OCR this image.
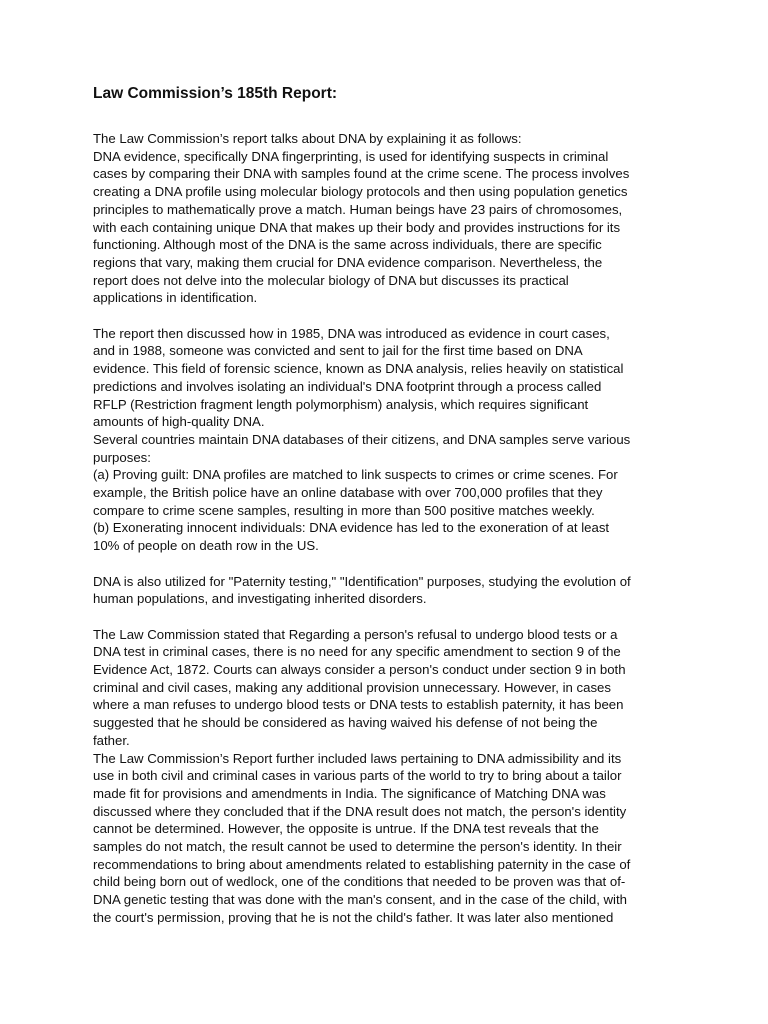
Law Commission’s 185th Report:
The Law Commission’s report talks about DNA by explaining it as follows:
DNA evidence, specifically DNA fingerprinting, is used for identifying suspects in criminal
cases by comparing their DNA with samples found at the crime scene. The process involves
creating a DNA profile using molecular biology protocols and then using population genetics
principles to mathematically prove a match. Human beings have 23 pairs of chromosomes,
with each containing unique DNA that makes up their body and provides instructions for its
functioning. Although most of the DNA is the same across individuals, there are specific
regions that vary, making them crucial for DNA evidence comparison. Nevertheless, the
report does not delve into the molecular biology of DNA but discusses its practical
applications in identification.
The report then discussed how in 1985, DNA was introduced as evidence in court cases,
and in 1988, someone was convicted and sent to jail for the first time based on DNA
evidence. This field of forensic science, known as DNA analysis, relies heavily on statistical
predictions and involves isolating an individual's DNA footprint through a process called
RFLP (Restriction fragment length polymorphism) analysis, which requires significant
amounts of high-quality DNA.
Several countries maintain DNA databases of their citizens, and DNA samples serve various
purposes:
(a) Proving guilt: DNA profiles are matched to link suspects to crimes or crime scenes. For
example, the British police have an online database with over 700,000 profiles that they
compare to crime scene samples, resulting in more than 500 positive matches weekly.
(b) Exonerating innocent individuals: DNA evidence has led to the exoneration of at least
10% of people on death row in the US.
DNA is also utilized for "Paternity testing," "Identification" purposes, studying the evolution of
human populations, and investigating inherited disorders.
The Law Commission stated that Regarding a person's refusal to undergo blood tests or a
DNA test in criminal cases, there is no need for any specific amendment to section 9 of the
Evidence Act, 1872. Courts can always consider a person's conduct under section 9 in both
criminal and civil cases, making any additional provision unnecessary. However, in cases
where a man refuses to undergo blood tests or DNA tests to establish paternity, it has been
suggested that he should be considered as having waived his defense of not being the
father.
The Law Commission’s Report further included laws pertaining to DNA admissibility and its
use in both civil and criminal cases in various parts of the world to try to bring about a tailor
made fit for provisions and amendments in India. The significance of Matching DNA was
discussed where they concluded that if the DNA result does not match, the person's identity
cannot be determined. However, the opposite is untrue. If the DNA test reveals that the
samples do not match, the result cannot be used to determine the person's identity. In their
recommendations to bring about amendments related to establishing paternity in the case of
child being born out of wedlock, one of the conditions that needed to be proven was that of-
DNA genetic testing that was done with the man's consent, and in the case of the child, with
the court's permission, proving that he is not the child's father. It was later also mentioned
